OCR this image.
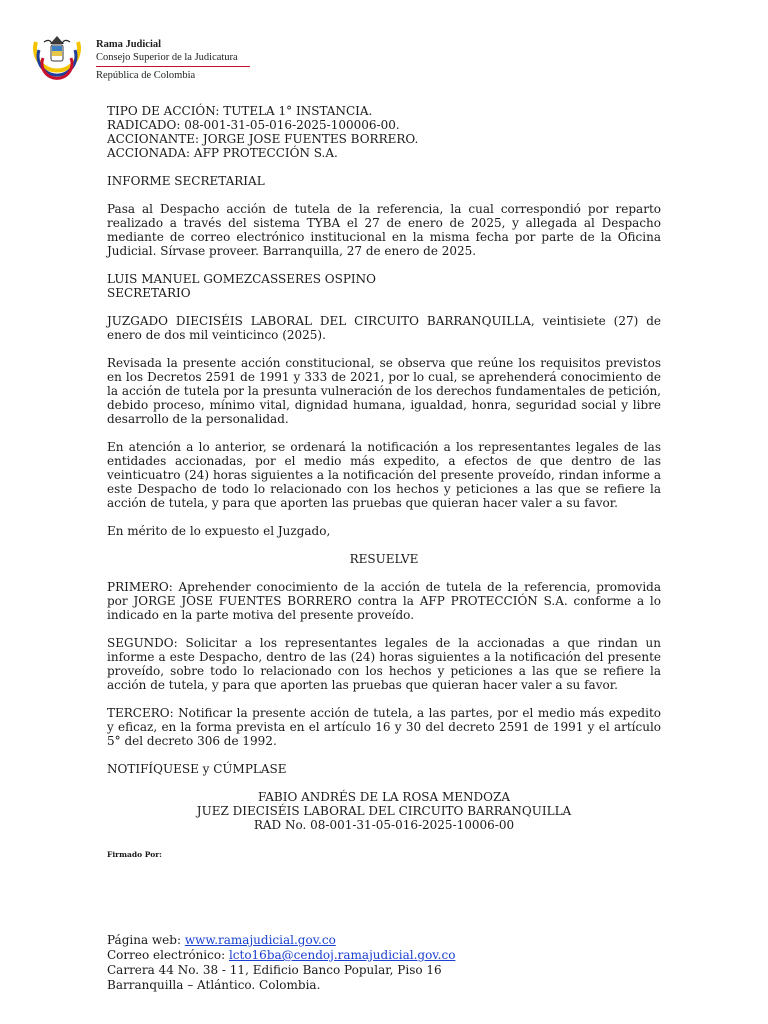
Rama Judicial
Consejo Superior de la Judicatura
República de Colombia

TIPO DE ACCIÓN: TUTELA 1° INSTANCIA.

RADICADO: 08-001-31-05-016-2025-100006-00.

ACCIONANTE: JORGE JOSE FUENTES BORRERO.

ACCIONADA: AFP PROTECCIÓN S.A.

INFORME SECRETARIAL

Pasa al Despacho acción de tutela de la referencia, la cual correspondió por reparto realizado a través del sistema TYBA el 27 de enero de 2025, y allegada al Despacho mediante de correo electrónico institucional en la misma fecha por parte de la Oficina Judicial. Sírvase proveer. Barranquilla, 27 de enero de 2025.

LUIS MANUEL GOMEZCASSERES OSPINO

SECRETARIO

JUZGADO DIECISÉIS LABORAL DEL CIRCUITO BARRANQUILLA, veintisiete (27) de enero de dos mil veinticinco (2025).

Revisada la presente acción constitucional, se observa que reúne los requisitos previstos en los Decretos 2591 de 1991 y 333 de 2021, por lo cual, se aprehenderá conocimiento de la acción de tutela por la presunta vulneración de los derechos fundamentales de petición, debido proceso, mínimo vital, dignidad humana, igualdad, honra, seguridad social y libre desarrollo de la personalidad.

En atención a lo anterior, se ordenará la notificación a los representantes legales de las entidades accionadas, por el medio más expedito, a efectos de que dentro de las veinticuatro (24) horas siguientes a la notificación del presente proveído, rindan informe a este Despacho de todo lo relacionado con los hechos y peticiones a las que se refiere la acción de tutela, y para que aporten las pruebas que quieran hacer valer a su favor.

En mérito de lo expuesto el Juzgado,

RESUELVE

PRIMERO: Aprehender conocimiento de la acción de tutela de la referencia, promovida por JORGE JOSE FUENTES BORRERO contra la AFP PROTECCIÓN S.A. conforme a lo indicado en la parte motiva del presente proveído.

SEGUNDO: Solicitar a los representantes legales de la accionadas a que rindan un informe a este Despacho, dentro de las (24) horas siguientes a la notificación del presente proveído, sobre todo lo relacionado con los hechos y peticiones a las que se refiere la acción de tutela, y para que aporten las pruebas que quieran hacer valer a su favor.

TERCERO: Notificar la presente acción de tutela, a las partes, por el medio más expedito y eficaz, en la forma prevista en el artículo 16 y 30 del decreto 2591 de 1991 y el artículo 5° del decreto 306 de 1992.

NOTIFÍQUESE y CÚMPLASE

FABIO ANDRÉS DE LA ROSA MENDOZA

JUEZ DIECISÉIS LABORAL DEL CIRCUITO BARRANQUILLA

RAD No. 08-001-31-05-016-2025-10006-00

Firmado Por:

Página web: www.ramajudicial.gov.co
Correo electrónico: lcto16ba@cendoj.ramajudicial.gov.co
Carrera 44 No. 38 - 11, Edificio Banco Popular, Piso 16
Barranquilla – Atlántico. Colombia.
